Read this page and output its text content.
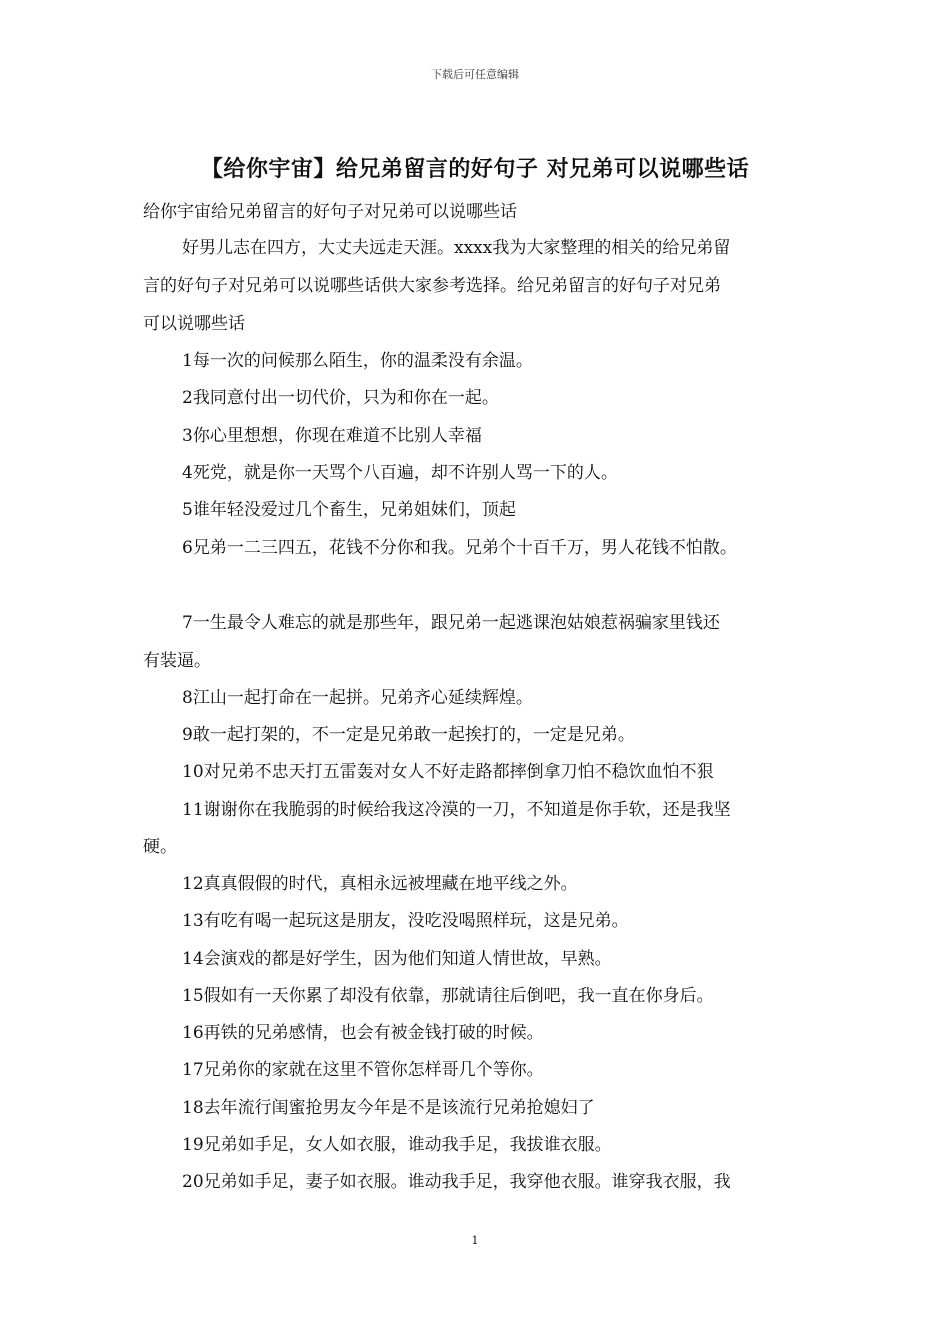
下载后可任意编辑
【给你宇宙】给兄弟留言的好句子 对兄弟可以说哪些话
给你宇宙给兄弟留言的好句子对兄弟可以说哪些话
好男儿志在四方，大丈夫远走天涯。xxxx我为大家整理的相关的给兄弟留
言的好句子对兄弟可以说哪些话供大家参考选择。给兄弟留言的好句子对兄弟
可以说哪些话
1每一次的问候那么陌生，你的温柔没有余温。
2我同意付出一切代价，只为和你在一起。
3你心里想想，你现在难道不比别人幸福
4死党，就是你一天骂个八百遍，却不许别人骂一下的人。
5谁年轻没爱过几个畜生，兄弟姐妹们，顶起
6兄弟一二三四五，花钱不分你和我。兄弟个十百千万，男人花钱不怕散。
7一生最令人难忘的就是那些年，跟兄弟一起逃课泡姑娘惹祸骗家里钱还
有装逼。
8江山一起打命在一起拼。兄弟齐心延续辉煌。
9敢一起打架的，不一定是兄弟敢一起挨打的，一定是兄弟。
10对兄弟不忠天打五雷轰对女人不好走路都摔倒拿刀怕不稳饮血怕不狠
11谢谢你在我脆弱的时候给我这冷漠的一刀，不知道是你手软，还是我坚
硬。
12真真假假的时代，真相永远被埋藏在地平线之外。
13有吃有喝一起玩这是朋友，没吃没喝照样玩，这是兄弟。
14会演戏的都是好学生，因为他们知道人情世故，早熟。
15假如有一天你累了却没有依靠，那就请往后倒吧，我一直在你身后。
16再铁的兄弟感情，也会有被金钱打破的时候。
17兄弟你的家就在这里不管你怎样哥几个等你。
18去年流行闺蜜抢男友今年是不是该流行兄弟抢媳妇了
19兄弟如手足，女人如衣服，谁动我手足，我拔谁衣服。
20兄弟如手足，妻子如衣服。谁动我手足，我穿他衣服。谁穿我衣服，我
1
